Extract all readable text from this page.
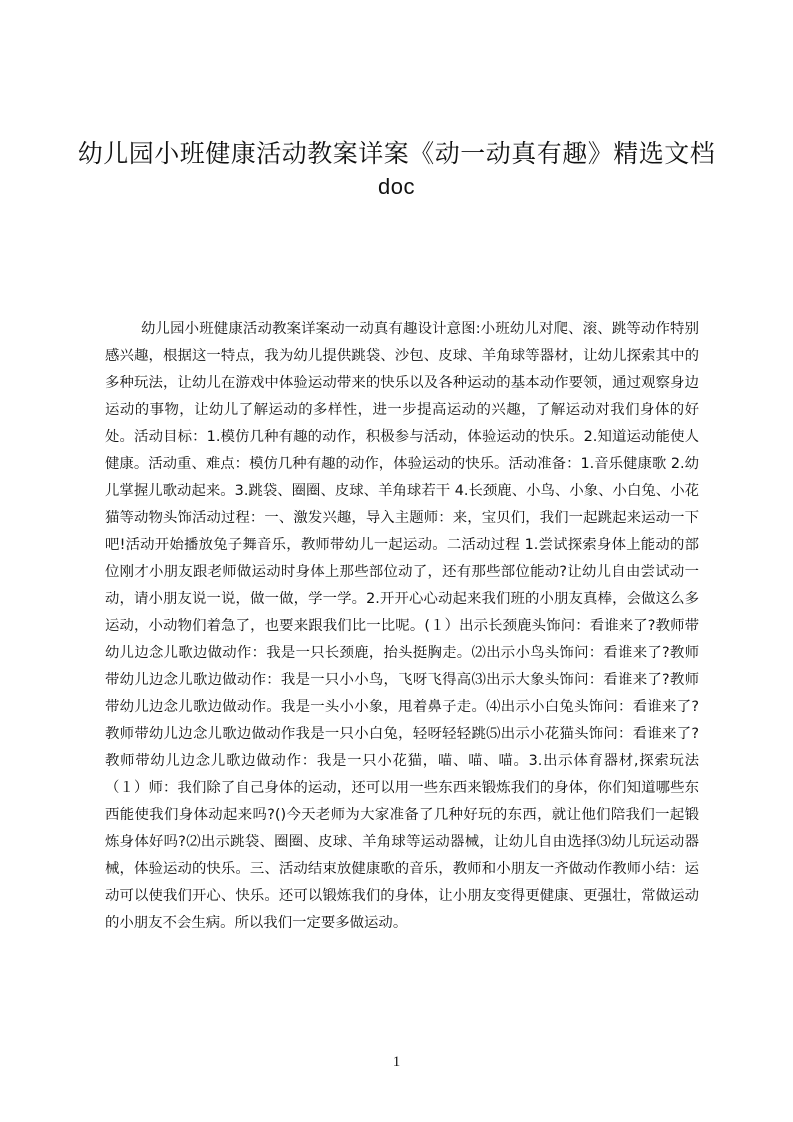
幼儿园小班健康活动教案详案《动一动真有趣》精选文档
doc

幼儿园小班健康活动教案详案动一动真有趣设计意图:小班幼儿对爬、滚、跳等动作特别感兴趣，根据这一特点，我为幼儿提供跳袋、沙包、皮球、羊角球等器材，让幼儿探索其中的多种玩法，让幼儿在游戏中体验运动带来的快乐以及各种运动的基本动作要领，通过观察身边运动的事物，让幼儿了解运动的多样性，进一步提高运动的兴趣，了解运动对我们身体的好处。活动目标：1.模仿几种有趣的动作，积极参与活动，体验运动的快乐。2.知道运动能使人健康。活动重、难点：模仿几种有趣的动作，体验运动的快乐。活动准备：1.音乐健康歌 2.幼儿掌握儿歌动起来。3.跳袋、圈圈、皮球、羊角球若干 4.长颈鹿、小鸟、小象、小白兔、小花猫等动物头饰活动过程：一、激发兴趣，导入主题师：来，宝贝们，我们一起跳起来运动一下吧!活动开始播放兔子舞音乐，教师带幼儿一起运动。二活动过程 1.尝试探索身体上能动的部位刚才小朋友跟老师做运动时身体上那些部位动了，还有那些部位能动?让幼儿自由尝试动一动，请小朋友说一说，做一做，学一学。2.开开心心动起来我们班的小朋友真棒，会做这么多运动，小动物们着急了，也要来跟我们比一比呢。(１）出示长颈鹿头饰问：看谁来了?教师带幼儿边念儿歌边做动作：我是一只长颈鹿，抬头挺胸走。⑵出示小鸟头饰问：看谁来了?教师带幼儿边念儿歌边做动作：我是一只小小鸟，飞呀飞得高⑶出示大象头饰问：看谁来了?教师带幼儿边念儿歌边做动作。我是一头小小象，甩着鼻子走。⑷出示小白兔头饰问：看谁来了?教师带幼儿边念儿歌边做动作我是一只小白兔，轻呀轻轻跳⑸出示小花猫头饰问：看谁来了?教师带幼儿边念儿歌边做动作：我是一只小花猫，喵、喵、喵。3.出示体育器材,探索玩法（１）师：我们除了自己身体的运动，还可以用一些东西来锻炼我们的身体，你们知道哪些东西能使我们身体动起来吗?()今天老师为大家准备了几种好玩的东西，就让他们陪我们一起锻炼身体好吗?⑵出示跳袋、圈圈、皮球、羊角球等运动器械，让幼儿自由选择⑶幼儿玩运动器械，体验运动的快乐。三、活动结束放健康歌的音乐，教师和小朋友一齐做动作教师小结：运动可以使我们开心、快乐。还可以锻炼我们的身体，让小朋友变得更健康、更强壮，常做运动的小朋友不会生病。所以我们一定要多做运动。

1
